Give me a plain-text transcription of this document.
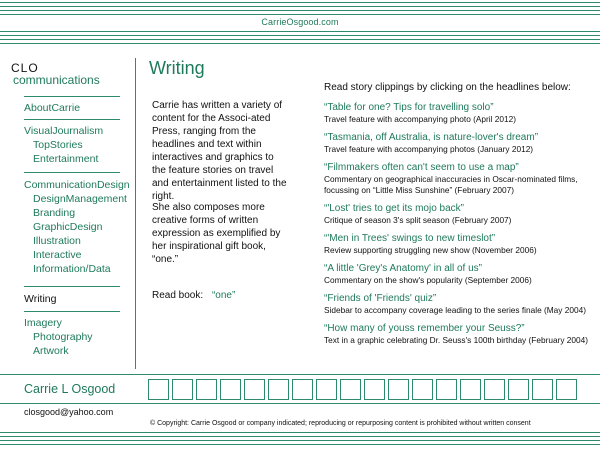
CarrieOsgood.com
CLO
communications
AboutCarrie
VisualJournalism
TopStories
Entertainment
CommunicationDesign
DesignManagement
Branding
GraphicDesign
Illustration
Interactive
Information/Data
Writing
Imagery
Photography
Artwork
Writing
Carrie has written a variety of content for the Associ-ated Press, ranging from the headlines and text within interactives and graphics to the feature stories on travel and entertainment listed to the right.
She also composes more creative forms of written expression as exemplified by her inspirational gift book, “one.”
Read book: “one”
Read story clippings by clicking on the headlines below:
“Table for one? Tips for travelling solo”
Travel feature with accompanying photo (April 2012)
“Tasmania, off Australia, is nature-lover's dream”
Travel feature with accompanying photos (January 2012)
“Filmmakers often can't seem to use a map”
Commentary on geographical inaccuracies in Oscar-nominated films, focussing on “Little Miss Sunshine” (February 2007)
“'Lost' tries to get its mojo back”
Critique of season 3's split season (February 2007)
“'Men in Trees' swings to new timeslot”
Review supporting struggling new show (November 2006)
“A little 'Grey's Anatomy' in all of us”
Commentary on the show's popularity (September 2006)
“Friends of 'Friends' quiz”
Sidebar to accompany coverage leading to the series finale (May 2004)
“How many of youss remember your Seuss?”
Text in a graphic celebrating Dr. Seuss's 100th birthday (February 2004)
Carrie L Osgood
closgood@yahoo.com
© Copyright: Carrie Osgood or company indicated; reproducing or repurposing content is prohibited without written consent
